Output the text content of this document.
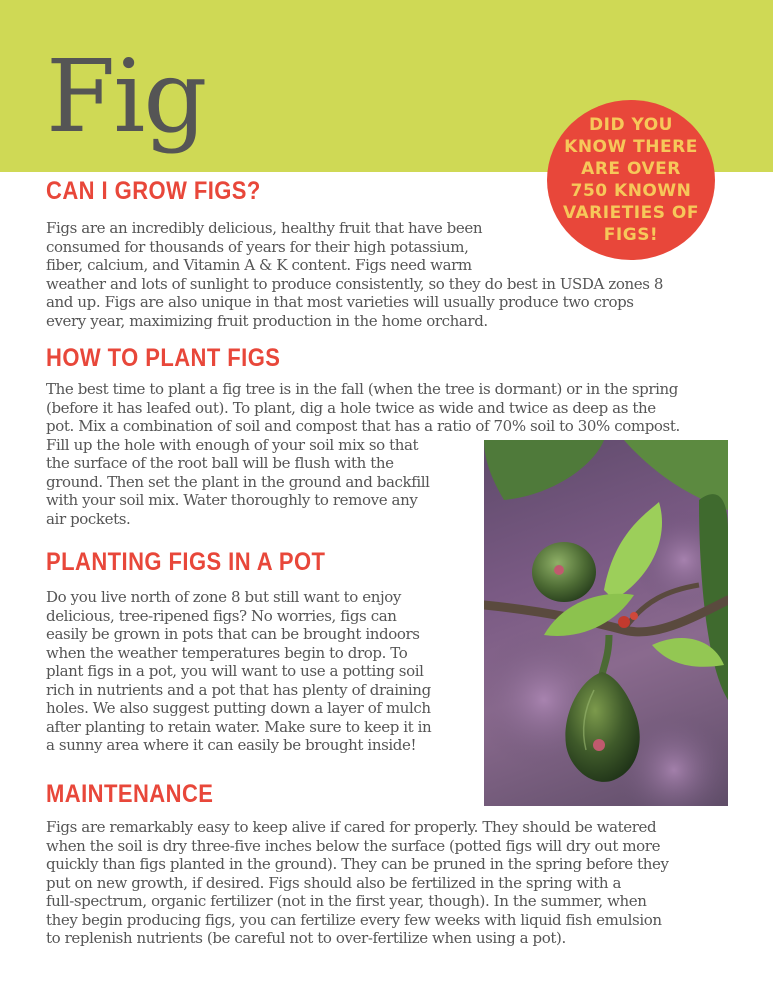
Fig	DID YOU KNOW THERE ARE OVER 750 KNOWN VARIETIES OF FIGS!
CAN I GROW FIGS?
Figs are an incredibly delicious, healthy fruit that have been
consumed for thousands of years for their high potassium,
fiber, calcium, and Vitamin A & K content. Figs need warm
weather and lots of sunlight to produce consistently, so they do best in USDA zones 8
and up. Figs are also unique in that most varieties will usually produce two crops
every year, maximizing fruit production in the home orchard.
HOW TO PLANT FIGS
The best time to plant a fig tree is in the fall (when the tree is dormant) or in the spring
(before it has leafed out). To plant, dig a hole twice as wide and twice as deep as the
pot. Mix a combination of soil and compost that has a ratio of 70% soil to 30% compost.
Fill up the hole with enough of your soil mix so that
the surface of the root ball will be flush with the
ground. Then set the plant in the ground and backfill
with your soil mix. Water thoroughly to remove any
air pockets.
PLANTING FIGS IN A POT
Do you live north of zone 8 but still want to enjoy
delicious, tree-ripened figs? No worries, figs can
easily be grown in pots that can be brought indoors
when the weather temperatures begin to drop. To
plant figs in a pot, you will want to use a potting soil
rich in nutrients and a pot that has plenty of draining
holes. We also suggest putting down a layer of mulch
after planting to retain water. Make sure to keep it in
a sunny area where it can easily be brought inside!
MAINTENANCE
Figs are remarkably easy to keep alive if cared for properly. They should be watered
when the soil is dry three-five inches below the surface (potted figs will dry out more
quickly than figs planted in the ground). They can be pruned in the spring before they
put on new growth, if desired. Figs should also be fertilized in the spring with a
full-spectrum, organic fertilizer (not in the first year, though). In the summer, when
they begin producing figs, you can fertilize every few weeks with liquid fish emulsion
to replenish nutrients (be careful not to over-fertilize when using a pot).
